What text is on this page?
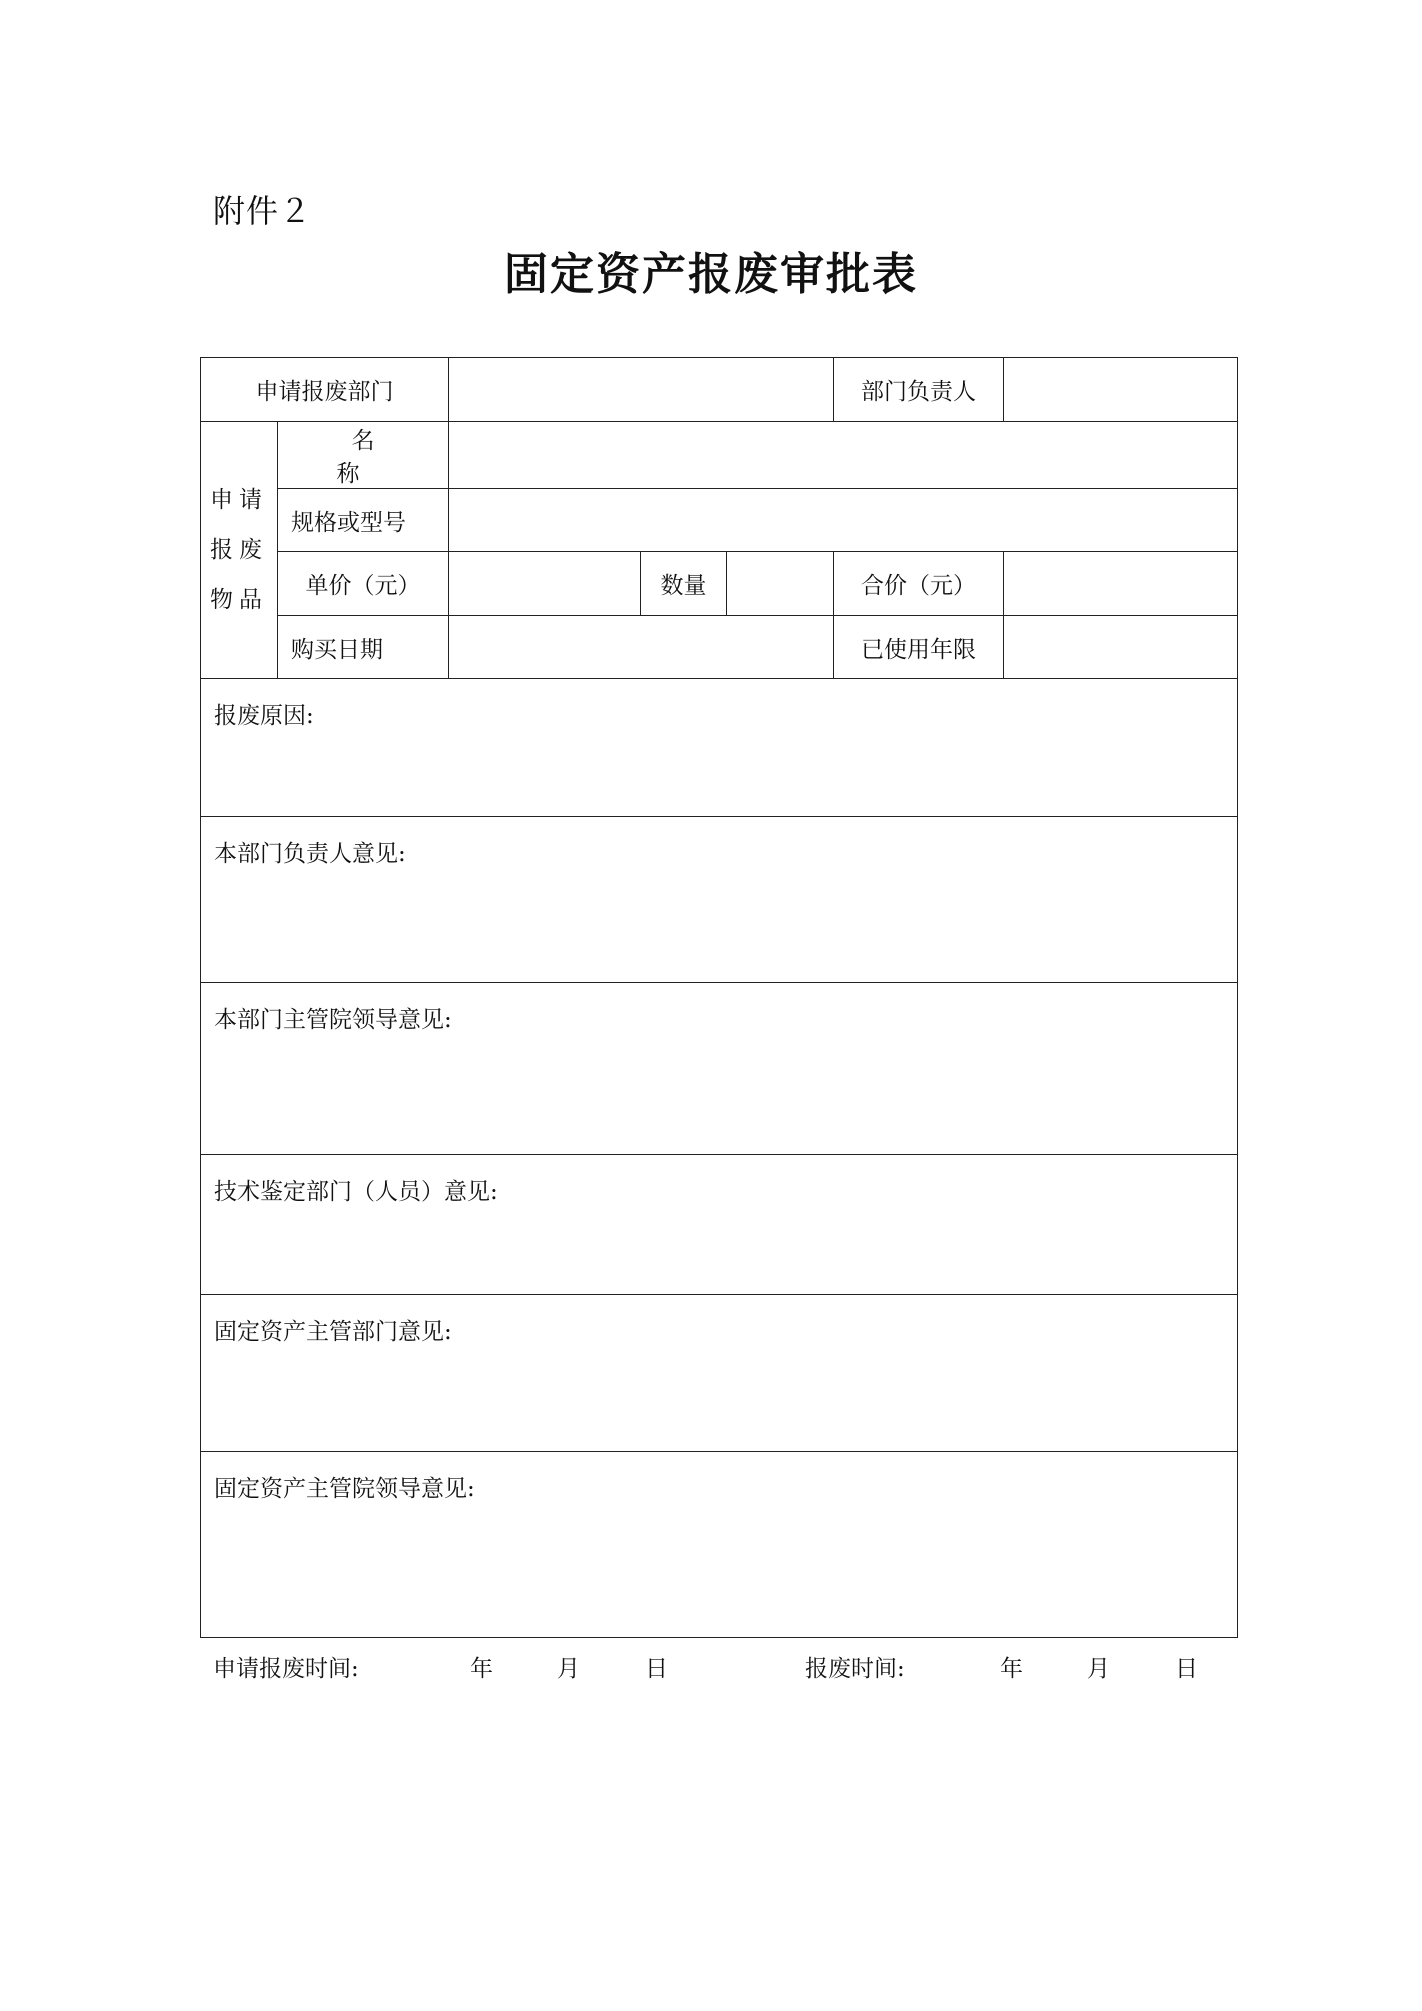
附件２
固定资产报废审批表
申请报废部门					部门负责人	

申请
报废
物品	名 称					
	规格或型号					
	单价（元）		数量		合价（元）	
	购买日期				已使用年限	
报废原因:						
本部门负责人意见:						
本部门主管院领导意见:						
技术鉴定部门（人员）意见:						
固定资产主管部门意见:						
固定资产主管院领导意见:						
申请报废时间:	年	月	日	报废时间:	年	月	日
